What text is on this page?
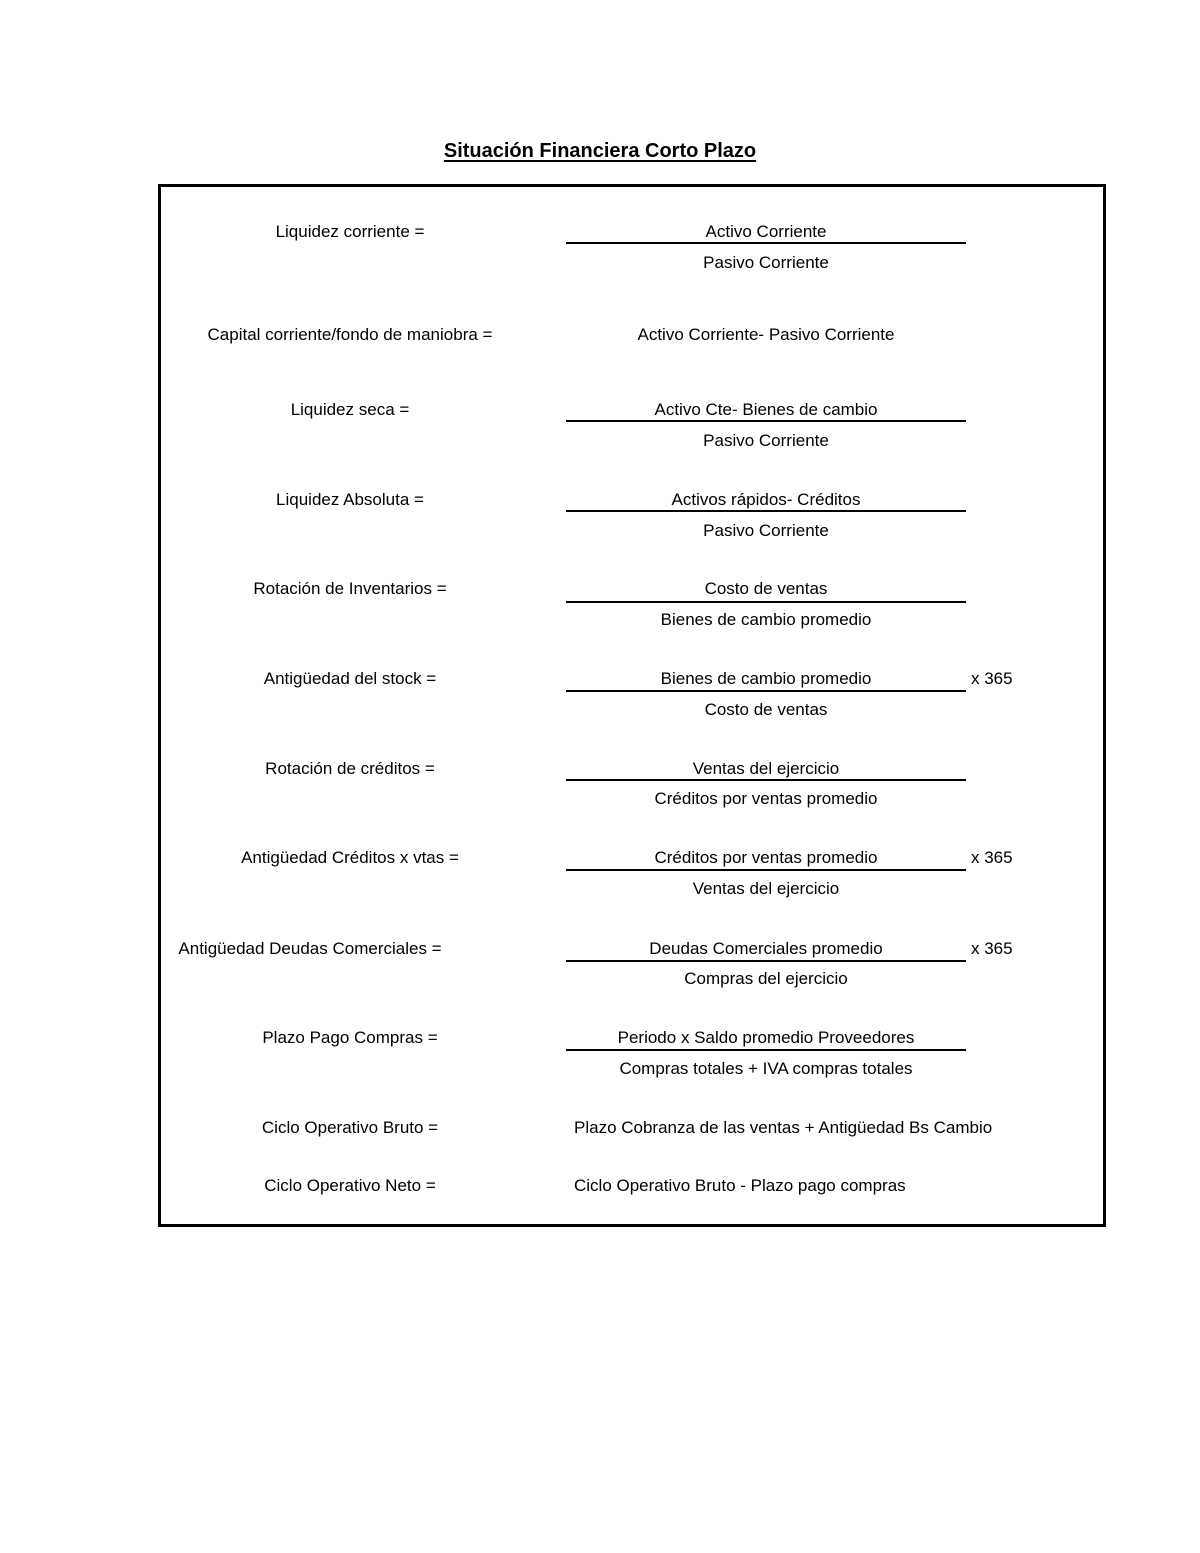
Situación Financiera Corto Plazo
Liquidez corriente =	Activo Corriente
Pasivo Corriente
Capital corriente/fondo de maniobra =	Activo Corriente- Pasivo Corriente
Liquidez seca =	Activo Cte- Bienes de cambio
Pasivo Corriente
Liquidez Absoluta =	Activos rápidos- Créditos
Pasivo Corriente
Rotación de Inventarios =	Costo de ventas
Bienes de cambio promedio
Antigüedad del stock =	Bienes de cambio promedio
Costo de ventas
x 365
Rotación de créditos =	Ventas del ejercicio
Créditos por ventas promedio
Antigüedad Créditos x vtas =	Créditos por ventas promedio
Ventas del ejercicio
x 365
Antigüedad Deudas Comerciales =	Deudas Comerciales promedio
Compras del ejercicio
x 365
Plazo Pago Compras =	Periodo x Saldo promedio Proveedores
Compras totales + IVA compras totales
Ciclo Operativo Bruto =	Plazo Cobranza de las ventas + Antigüedad Bs Cambio
Ciclo Operativo Neto =	Ciclo Operativo Bruto - Plazo pago compras
